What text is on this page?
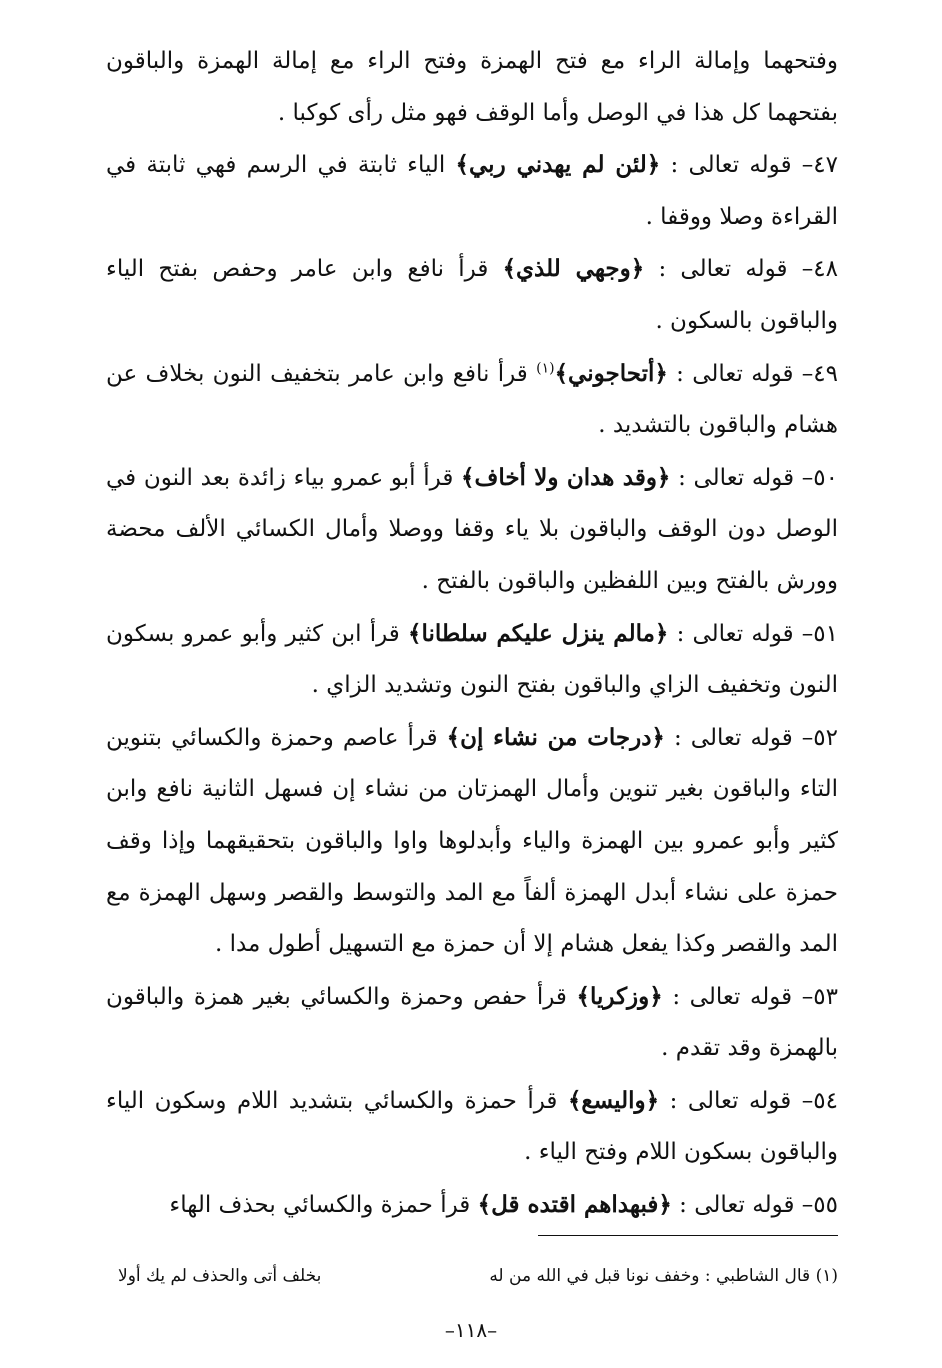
وفتحهما وإمالة الراء مع فتح الهمزة وفتح الراء مع إمالة الهمزة والباقون بفتحهما كل هذا في الوصل وأما الوقف فهو مثل رأى كوكبا .

٤٧– قوله تعالى : ﴿لئن لم يهدني ربي﴾ الياء ثابتة في الرسم فهي ثابتة في القراءة وصلا ووقفا .

٤٨– قوله تعالى : ﴿وجهي للذي﴾ قرأ نافع وابن عامر وحفص بفتح الياء والباقون بالسكون .

٤٩– قوله تعالى : ﴿أتحاجوني﴾$^{(١)}$ قرأ نافع وابن عامر بتخفيف النون بخلاف عن هشام والباقون بالتشديد .

٥٠– قوله تعالى : ﴿وقد هدان ولا أخاف﴾ قرأ أبو عمرو بياء زائدة بعد النون في الوصل دون الوقف والباقون بلا ياء وقفا ووصلا وأمال الكسائي الألف محضة وورش بالفتح وبين اللفظين والباقون بالفتح .

٥١– قوله تعالى : ﴿مالم ينزل عليكم سلطانا﴾ قرأ ابن كثير وأبو عمرو بسكون النون وتخفيف الزاي والباقون بفتح النون وتشديد الزاي .

٥٢– قوله تعالى : ﴿درجات من نشاء إن﴾ قرأ عاصم وحمزة والكسائي بتنوين التاء والباقون بغير تنوين وأمال الهمزتان من نشاء إن فسهل الثانية نافع وابن كثير وأبو عمرو بين الهمزة والياء وأبدلوها واوا والباقون بتحقيقهما وإذا وقف حمزة على نشاء أبدل الهمزة ألفاً مع المد والتوسط والقصر وسهل الهمزة مع المد والقصر وكذا يفعل هشام إلا أن حمزة مع التسهيل أطول مدا .

٥٣– قوله تعالى : ﴿وزكريا﴾ قرأ حفص وحمزة والكسائي بغير همزة والباقون بالهمزة وقد تقدم .

٥٤– قوله تعالى : ﴿واليسع﴾ قرأ حمزة والكسائي بتشديد اللام وسكون الياء والباقون بسكون اللام وفتح الياء .

٥٥– قوله تعالى : ﴿فبهداهم اقتده قل﴾ قرأ حمزة والكسائي بحذف الهاء

(١) قال الشاطبي : وخفف نونا قبل في الله من له
بخلف أتى والحذف لم يك أولا
–١١٨–
